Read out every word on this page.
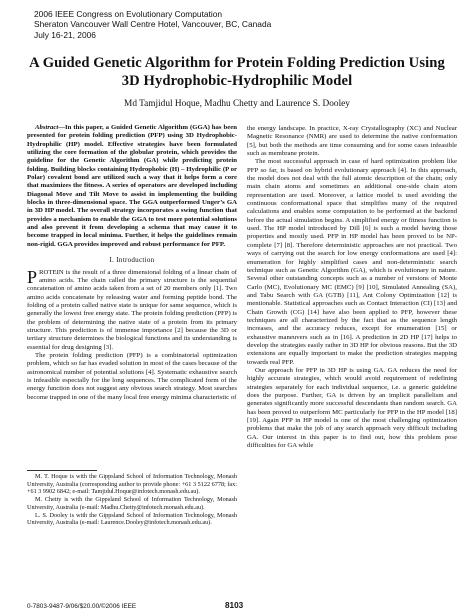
2006 IEEE Congress on Evolutionary Computation
Sheraton Vancouver Wall Centre Hotel, Vancouver, BC, Canada
July 16-21, 2006
A Guided Genetic Algorithm for Protein Folding Prediction Using
3D Hydrophobic-Hydrophilic Model
Md Tamjidul Hoque, Madhu Chetty and Laurence S. Dooley

Abstract—In this paper, a Guided Genetic Algorithm (GGA) has been presented for protein folding prediction (PFP) using 3D Hydrophobic-Hydrophilic (HP) model. Effective strategies have been formulated utilizing the core formation of the globular protein, which provides the guideline for the Genetic Algorithm (GA) while predicting protein folding. Building blocks containing Hydrophobic (H) – Hydrophilic (P or Polar) covalent bond are utilized such a way that it helps form a core that maximizes the fitness. A series of operators are developed including Diagonal Move and Tilt Move to assist in implementing the building blocks in three-dimensional space. The GGA outperformed Unger’s GA in 3D HP model. The overall strategy incorporates a swing function that provides a mechanism to enable the GGA to test more potential solutions and also prevent it from developing a schema that may cause it to become trapped in local minima. Further, it helps the guidelines remain non-rigid. GGA provides improved and robust performance for PFP.

I. Introduction

PROTEIN is the result of a three dimensional folding of a linear chain of amino acids. The chain called the primary structure is the sequential concatenation of amino acids taken from a set of 20 members only [1]. Two amino acids concatenate by releasing water and forming peptide bond. The folding of a protein called native state is unique for same sequence, which is generally the lowest free energy state. The protein folding prediction (PFP) is the problem of determining the native state of a protein from its primary structure. This prediction is of immense importance [2] because the 3D or tertiary structure determines the biological functions and its understanding is essential for drug designing [3].

The protein folding prediction (PFP) is a combinatorial optimization problem, which so far has evaded solution in most of the cases because of the astronomical number of potential solutions [4]. Systematic exhaustive search is infeasible especially for the long sequences. The complicated form of the energy function does not suggest any obvious search strategy. Most searches become trapped in one of the many local free energy minima characteristic of

M. T. Hoque is with the Gippsland School of Information Technology, Monash University, Australia (corresponding author to provide phone: +61 3 5122 6778; fax: +61 3 9902 6842; e-mail: Tamjidul.Hoque@infotech.monash.edu.au).

M. Chetty is with the Gippsland School of Information Technology, Monash University, Australia (e-mail: Madhu.Chetty@infotech.monash.edu.au).

L. S. Dooley is with the Gippsland School of Information Technology, Monash University, Australia (e-mail: Laurence.Dooley@infotech.monash.edu.au).

the energy landscape. In practice, X-ray Crystallography (XC) and Nuclear Magnetic Resonance (NMR) are used to determine the native conformation [5], but both the methods are time consuming and for some cases infeasible such as membrane protein.

The most successful approach in case of hard optimization problem like PFP so far, is based on hybrid evolutionary approach [4]. In this approach, the model does not deal with the full atomic description of the chain; only main chain atoms and sometimes an additional one-side chain atom representation are used. Moreover, a lattice model is used avoiding the continuous conformational space that simplifies many of the required calculations and enables some computation to be performed at the backend before the actual simulation begins. A simplified energy or fitness function is used. The HP model introduced by Dill [6] is such a model having those properties and mostly used. PFP in HP model has been proved to be NP-complete [7] [8]. Therefore deterministic approaches are not practical. Two ways of carrying out the search for low energy conformations are used [4]: enumeration for highly simplified cases and non-deterministic search technique such as Genetic Algorithm (GA), which is evolutionary in nature. Several other outstanding concepts such as a number of versions of Monte Carlo (MC), Evolutionary MC (EMC) [9] [10], Simulated Annealing (SA), and Tabu Search with GA (GTB) [11], Ant Colony Optimization [12] is mentionable. Statistical approaches such as Contact Interaction (CI) [13] and Chain Growth (CG) [14] have also been applied to PFP, however these techniques are all characterized by the fact that as the sequence length increases, and the accuracy reduces, except for enumeration [15] or exhaustive maneuvers such as in [16]. A prediction in 2D HP [17] helps to develop the strategies easily rather in 3D HP for obvious reasons. But the 3D extensions are equally important to make the prediction strategies mapping towards real PFP.

Our approach for PFP in 3D HP is using GA. GA reduces the need for highly accurate strategies, which would avoid requirement of redefining strategies separately for each individual sequence, i.e. a generic guideline does the purpose. Further, GA is driven by an implicit parallelism and generates significantly more successful descendants than random search. GA has been proved to outperform MC particularly for PFP in the HP model [18] [19]. Again PFP in HP model is one of the most challenging optimization problems that make the job of any search approach very difficult including GA. Our interest in this paper is to find out, how this problem pose difficulties for GA while

0-7803-9487-9/06/$20.00/©2006 IEEE	8103
